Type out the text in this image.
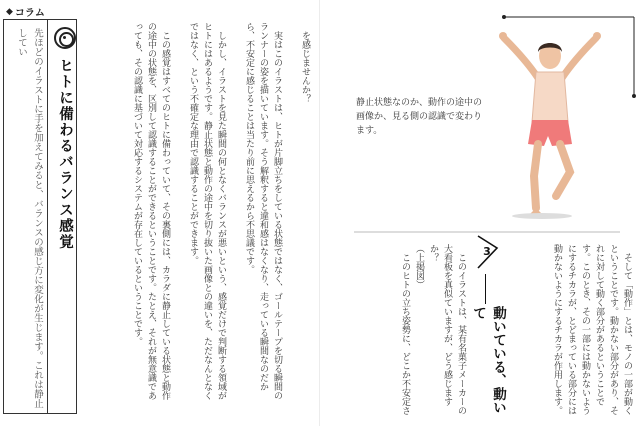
◆ コラム
ヒトに備わるバランス感覚
先ほどのイラストに手を加えてみると、バランスの感じ方に変化が生じます。これは静止してい	を感じませんか？

実はこのイラストは、ヒトが片脚立ちをしている状態ではなく、ゴールテープを切る瞬間のランナーの姿を描いています。そう解釈すると違和感はなくなり、走っている瞬間なのだから、不安定に感じることは当たり前に思えるから不思議です。

しかし、イラストを見た瞬間の何となくバランスが悪いという、感覚だけで判断する領域がヒトにはあるようです。静止状態と動作の途中を切り抜いた画像との違いを、ただなんとなくではなく、という不確定な理由で認識することができます。

この感覚はすべてのヒトに備わっていて、その裏側には、カラダに静止している状態と動作の途中の状態を、区別して認識することができるということです。たとえ、それが無意識であっても、その認識に基づいて対応するシステムが存在しているということです。	静止状態なのか、動作の途中の画像か、見る側の認識で変わります。

そして「動作」とは、モノの一部が動くということです。動かない部分があり、それに対して動く部分があるということです。このとき、その一部には動かないようにするチカラが、とどまっている部分には動かないようにするチカラが作用します。

3
動いている、動いて

このイラストは、某有名菓子メーカーの大看板を真似ていますが、どう感じますか？

（上掲図）

このヒトの立ち姿勢に、どこか不安定さ
